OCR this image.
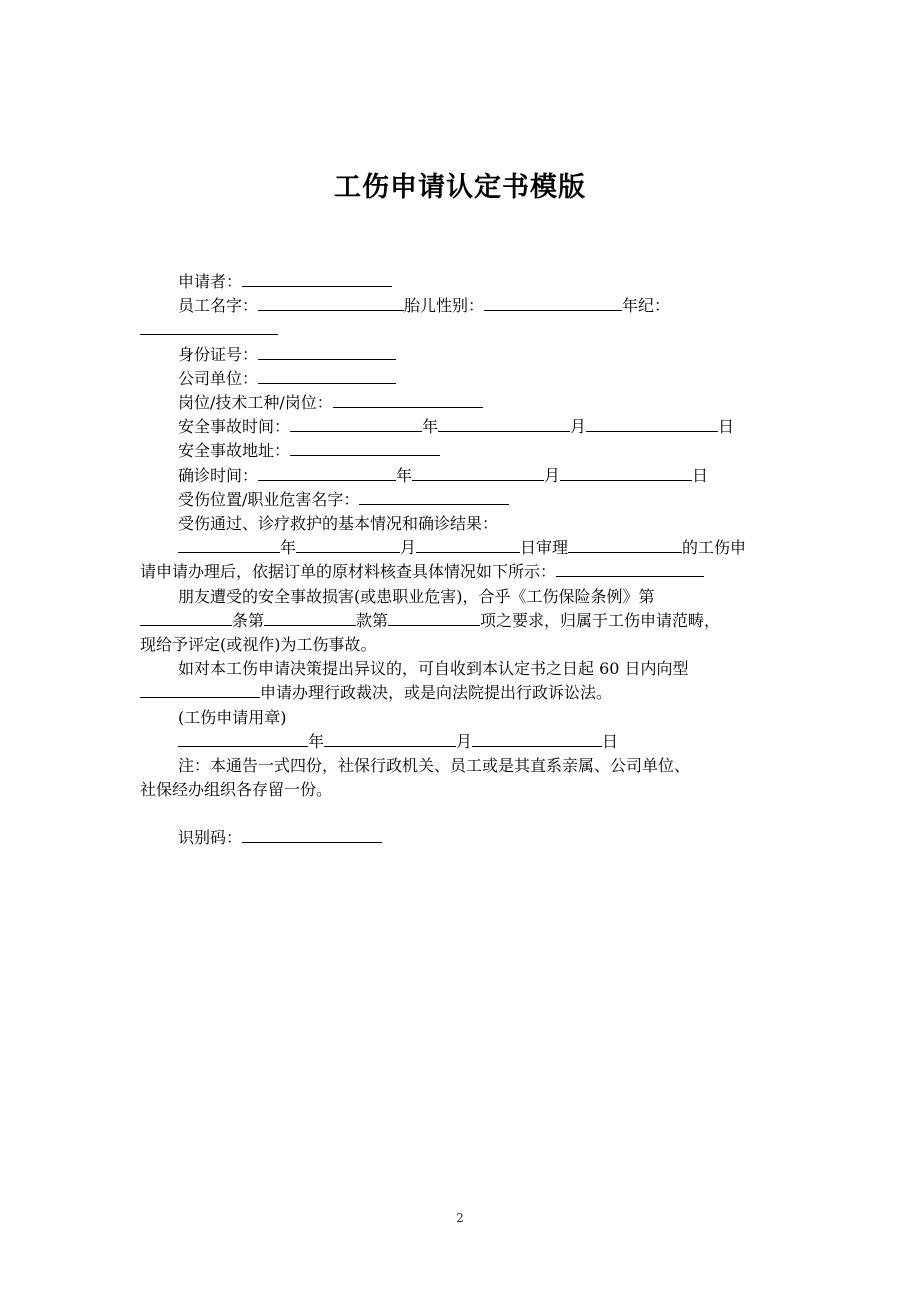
工伤申请认定书模版
申请者：
员工名字：	胎儿性别：	年纪：
身份证号：
公司单位：
岗位/技术工种/岗位：
安全事故时间：	年	月	日
安全事故地址：
确诊时间：	年	月	日
受伤位置/职业危害名字：
受伤通过、诊疗救护的基本情况和确诊结果：
年	月	日审理	的工伤申
请申请办理后，依据订单的原材料核查具体情况如下所示：
朋友遭受的安全事故损害(或患职业危害)，合乎《工伤保险条例》第
条第	款第	项之要求，归属于工伤申请范畴，
现给予评定(或视作)为工伤事故。
如对本工伤申请决策提出异议的，可自收到本认定书之日起 60 日内向型
申请办理行政裁决，或是向法院提出行政诉讼法。
(工伤申请用章)
年	月	日
注：本通告一式四份，社保行政机关、员工或是其直系亲属、公司单位、
社保经办组织各存留一份。
识别码：
2
